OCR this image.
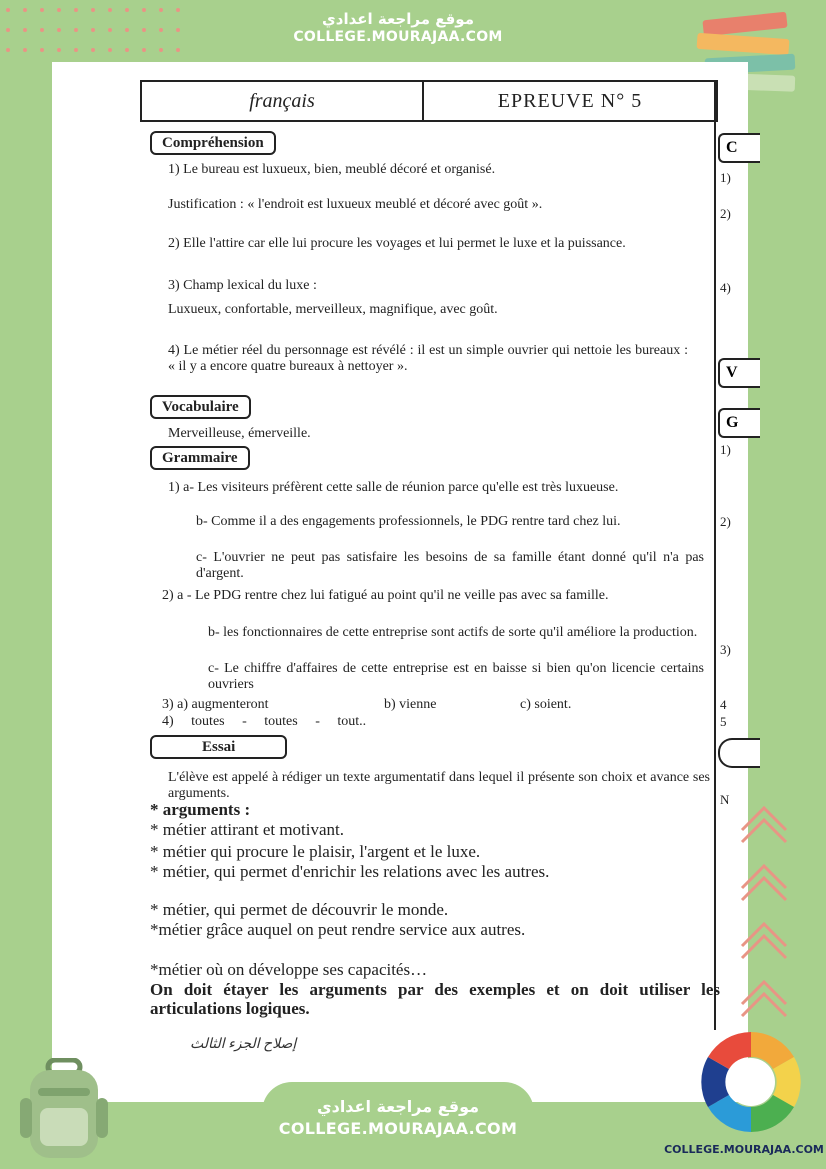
موقع مراجعة اعدادي
COLLEGE.MOURAJAA.COM
français	EPREUVE N° 5
Compréhension
1) Le bureau est luxueux, bien, meublé décoré et organisé.
Justification : « l'endroit est luxueux meublé et décoré avec goût ».
2) Elle l'attire car elle lui procure les voyages et lui permet le luxe et la puissance.
3) Champ lexical du luxe :
Luxueux, confortable, merveilleux, magnifique, avec goût.
4) Le métier réel du personnage est révélé : il est un simple ouvrier qui nettoie les bureaux : « il y a encore quatre bureaux à nettoyer ».
Vocabulaire
Merveilleuse, émerveille.
Grammaire
1) a- Les visiteurs préfèrent cette salle de réunion parce qu'elle est très luxueuse.
b- Comme il a des engagements professionnels, le PDG rentre tard chez lui.
c- L'ouvrier ne peut pas satisfaire les besoins de sa famille étant donné qu'il n'a pas d'argent.
2) a - Le PDG rentre chez lui fatigué au point qu'il ne veille pas avec sa famille.
b- les fonctionnaires de cette entreprise sont actifs de sorte qu'il améliore la production.
c- Le chiffre d'affaires de cette entreprise est en baisse si bien qu'on licencie certains ouvriers
3) a) augmenteront	b) vienne	c) soient.
4) toutes - toutes - tout..
Essai
L'élève est appelé à rédiger un texte argumentatif dans lequel il présente son choix et avance ses arguments.
* arguments :
* métier attirant et motivant.
* métier qui procure le plaisir, l'argent et le luxe.
* métier, qui permet d'enrichir les relations avec les autres.
* métier, qui permet de découvrir le monde.
*métier grâce auquel on peut rendre service aux autres.
*métier où on développe ses capacités…
On doit étayer les arguments par des exemples et on doit utiliser les articulations logiques.
C
1)
2)
4)
V
G
1)
2)
3)
4
5
N
إصلاح الجزء الثالث
موقع مراجعة اعدادي
COLLEGE.MOURAJAA.COM
COLLEGE.MOURAJAA.COM
